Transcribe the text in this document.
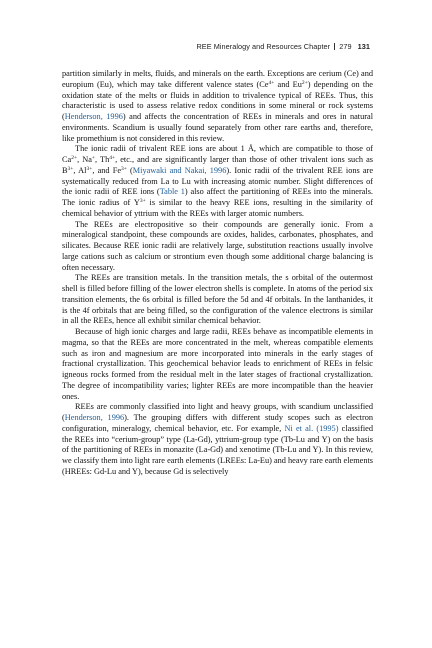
REE Mineralogy and Resources Chapter 279 131

partition similarly in melts, fluids, and minerals on the earth. Exceptions are cerium (Ce) and europium (Eu), which may take different valence states ($Ce^{4+}$ and $Eu^{2+}$) depending on the oxidation state of the melts or fluids in addition to trivalence typical of REEs. Thus, this characteristic is used to assess relative redox conditions in some mineral or rock systems (Henderson, 1996) and affects the concentration of REEs in minerals and ores in natural environments. Scandium is usually found separately from other rare earths and, therefore, like promethium is not considered in this review.

The ionic radii of trivalent REE ions are about 1 Å, which are compatible to those of $Ca^{2+}$, Na+, $Th^{4+}$, etc., and are significantly larger than those of other trivalent ions such as $B^{3+}$, $Al^{3+}$, and $Fe^{3+}$ (Miyawaki and Nakai, 1996). Ionic radii of the trivalent REE ions are systematically reduced from La to Lu with increasing atomic number. Slight differences of the ionic radii of REE ions (Table 1) also affect the partitioning of REEs into the minerals. The ionic radius of $Y^{3+}$ is similar to the heavy REE ions, resulting in the similarity of chemical behavior of yttrium with the REEs with larger atomic numbers.

The REEs are electropositive so their compounds are generally ionic. From a mineralogical standpoint, these compounds are oxides, halides, carbonates, phosphates, and silicates. Because REE ionic radii are relatively large, substitution reactions usually involve large cations such as calcium or strontium even though some additional charge balancing is often necessary.

The REEs are transition metals. In the transition metals, the s orbital of the outermost shell is filled before filling of the lower electron shells is complete. In atoms of the period six transition elements, the 6s orbital is filled before the 5d and 4f orbitals. In the lanthanides, it is the 4f orbitals that are being filled, so the configuration of the valence electrons is similar in all the REEs, hence all exhibit similar chemical behavior.

Because of high ionic charges and large radii, REEs behave as incompatible elements in magma, so that the REEs are more concentrated in the melt, whereas compatible elements such as iron and magnesium are more incorporated into minerals in the early stages of fractional crystallization. This geochemical behavior leads to enrichment of REEs in felsic igneous rocks formed from the residual melt in the later stages of fractional crystallization. The degree of incompatibility varies; lighter REEs are more incompatible than the heavier ones.

REEs are commonly classified into light and heavy groups, with scandium unclassified (Henderson, 1996). The grouping differs with different study scopes such as electron configuration, mineralogy, chemical behavior, etc. For example, Ni et al. (1995) classified the REEs into “cerium-group” type (La-Gd), yttrium-group type (Tb-Lu and Y) on the basis of the partitioning of REEs in monazite (La-Gd) and xenotime (Tb-Lu and Y). In this review, we classify them into light rare earth elements (LREEs: La-Eu) and heavy rare earth elements (HREEs: Gd-Lu and Y), because Gd is selectively
